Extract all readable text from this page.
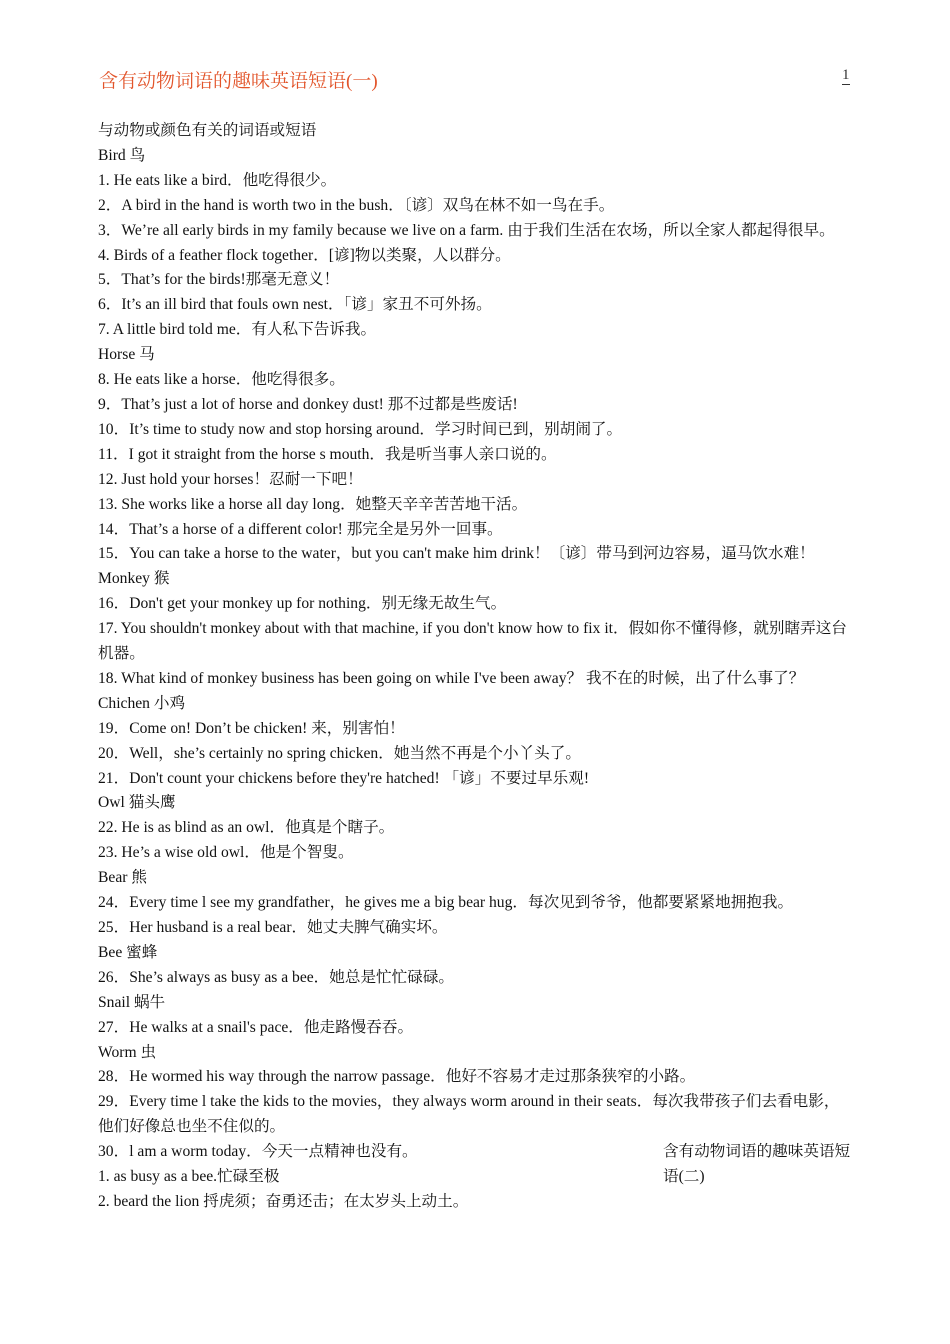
含有动物词语的趣味英语短语(一)	1

与动物或颜色有关的词语或短语

Bird 鸟

1. He eats like a bird．他吃得很少。

2．A bird in the hand is worth two in the bush．〔谚〕双鸟在林不如一鸟在手。

3．We’re all early birds in my family because we live on a farm. 由于我们生活在农场，所以全家人都起得很早。

4. Birds of a feather flock together．[谚]物以类聚，人以群分。

5．That’s for the birds!那毫无意义！

6．It’s an ill bird that fouls own nest．「谚」家丑不可外扬。

7. A little bird told me．有人私下告诉我。

Horse 马

8. He eats like a horse．他吃得很多。

9．That’s just a lot of horse and donkey dust! 那不过都是些废话!

10．It’s time to study now and stop horsing around．学习时间已到，别胡闹了。

11．I got it straight from the horse s mouth．我是听当事人亲口说的。

12. Just hold your horses！忍耐一下吧！

13. She works like a horse all day long．她整天辛辛苦苦地干活。

14．That’s a horse of a different color! 那完全是另外一回事。

15．You can take a horse to the water，but you can't make him drink！〔谚〕带马到河边容易，逼马饮水难！

Monkey 猴

16．Don't get your monkey up for nothing．别无缘无故生气。

17. You shouldn't monkey about with that machine, if you don't know how to fix it．假如你不懂得修，就别瞎弄这台机器。

18. What kind of monkey business has been going on while I've been away？ 我不在的时候，出了什么事了？

Chichen 小鸡

19．Come on! Don’t be chicken! 来，别害怕！

20．Well，she’s certainly no spring chicken．她当然不再是个小丫头了。

21．Don't count your chickens before they're hatched! 「谚」不要过早乐观!

Owl 猫头鹰

22. He is as blind as an owl．他真是个瞎子。

23. He’s a wise old owl．他是个智叟。

Bear 熊

24．Every time l see my grandfather，he gives me a big bear hug．每次见到爷爷，他都要紧紧地拥抱我。

25．Her husband is a real bear．她丈夫脾气确实坏。

Bee 蜜蜂

26．She’s always as busy as a bee．她总是忙忙碌碌。

Snail 蜗牛

27．He walks at a snail's pace．他走路慢吞吞。

Worm 虫

28．He wormed his way through the narrow passage．他好不容易才走过那条狭窄的小路。

29．Every time l take the kids to the movies，they always worm around in their seats．每次我带孩子们去看电影，他们好像总也坐不住似的。

30．l am a worm today．今天一点精神也没有。	含有动物词语的趣味英语短语(二)

1. as busy as a bee.忙碌至极

2. beard the lion 捋虎须；奋勇还击；在太岁头上动土。
